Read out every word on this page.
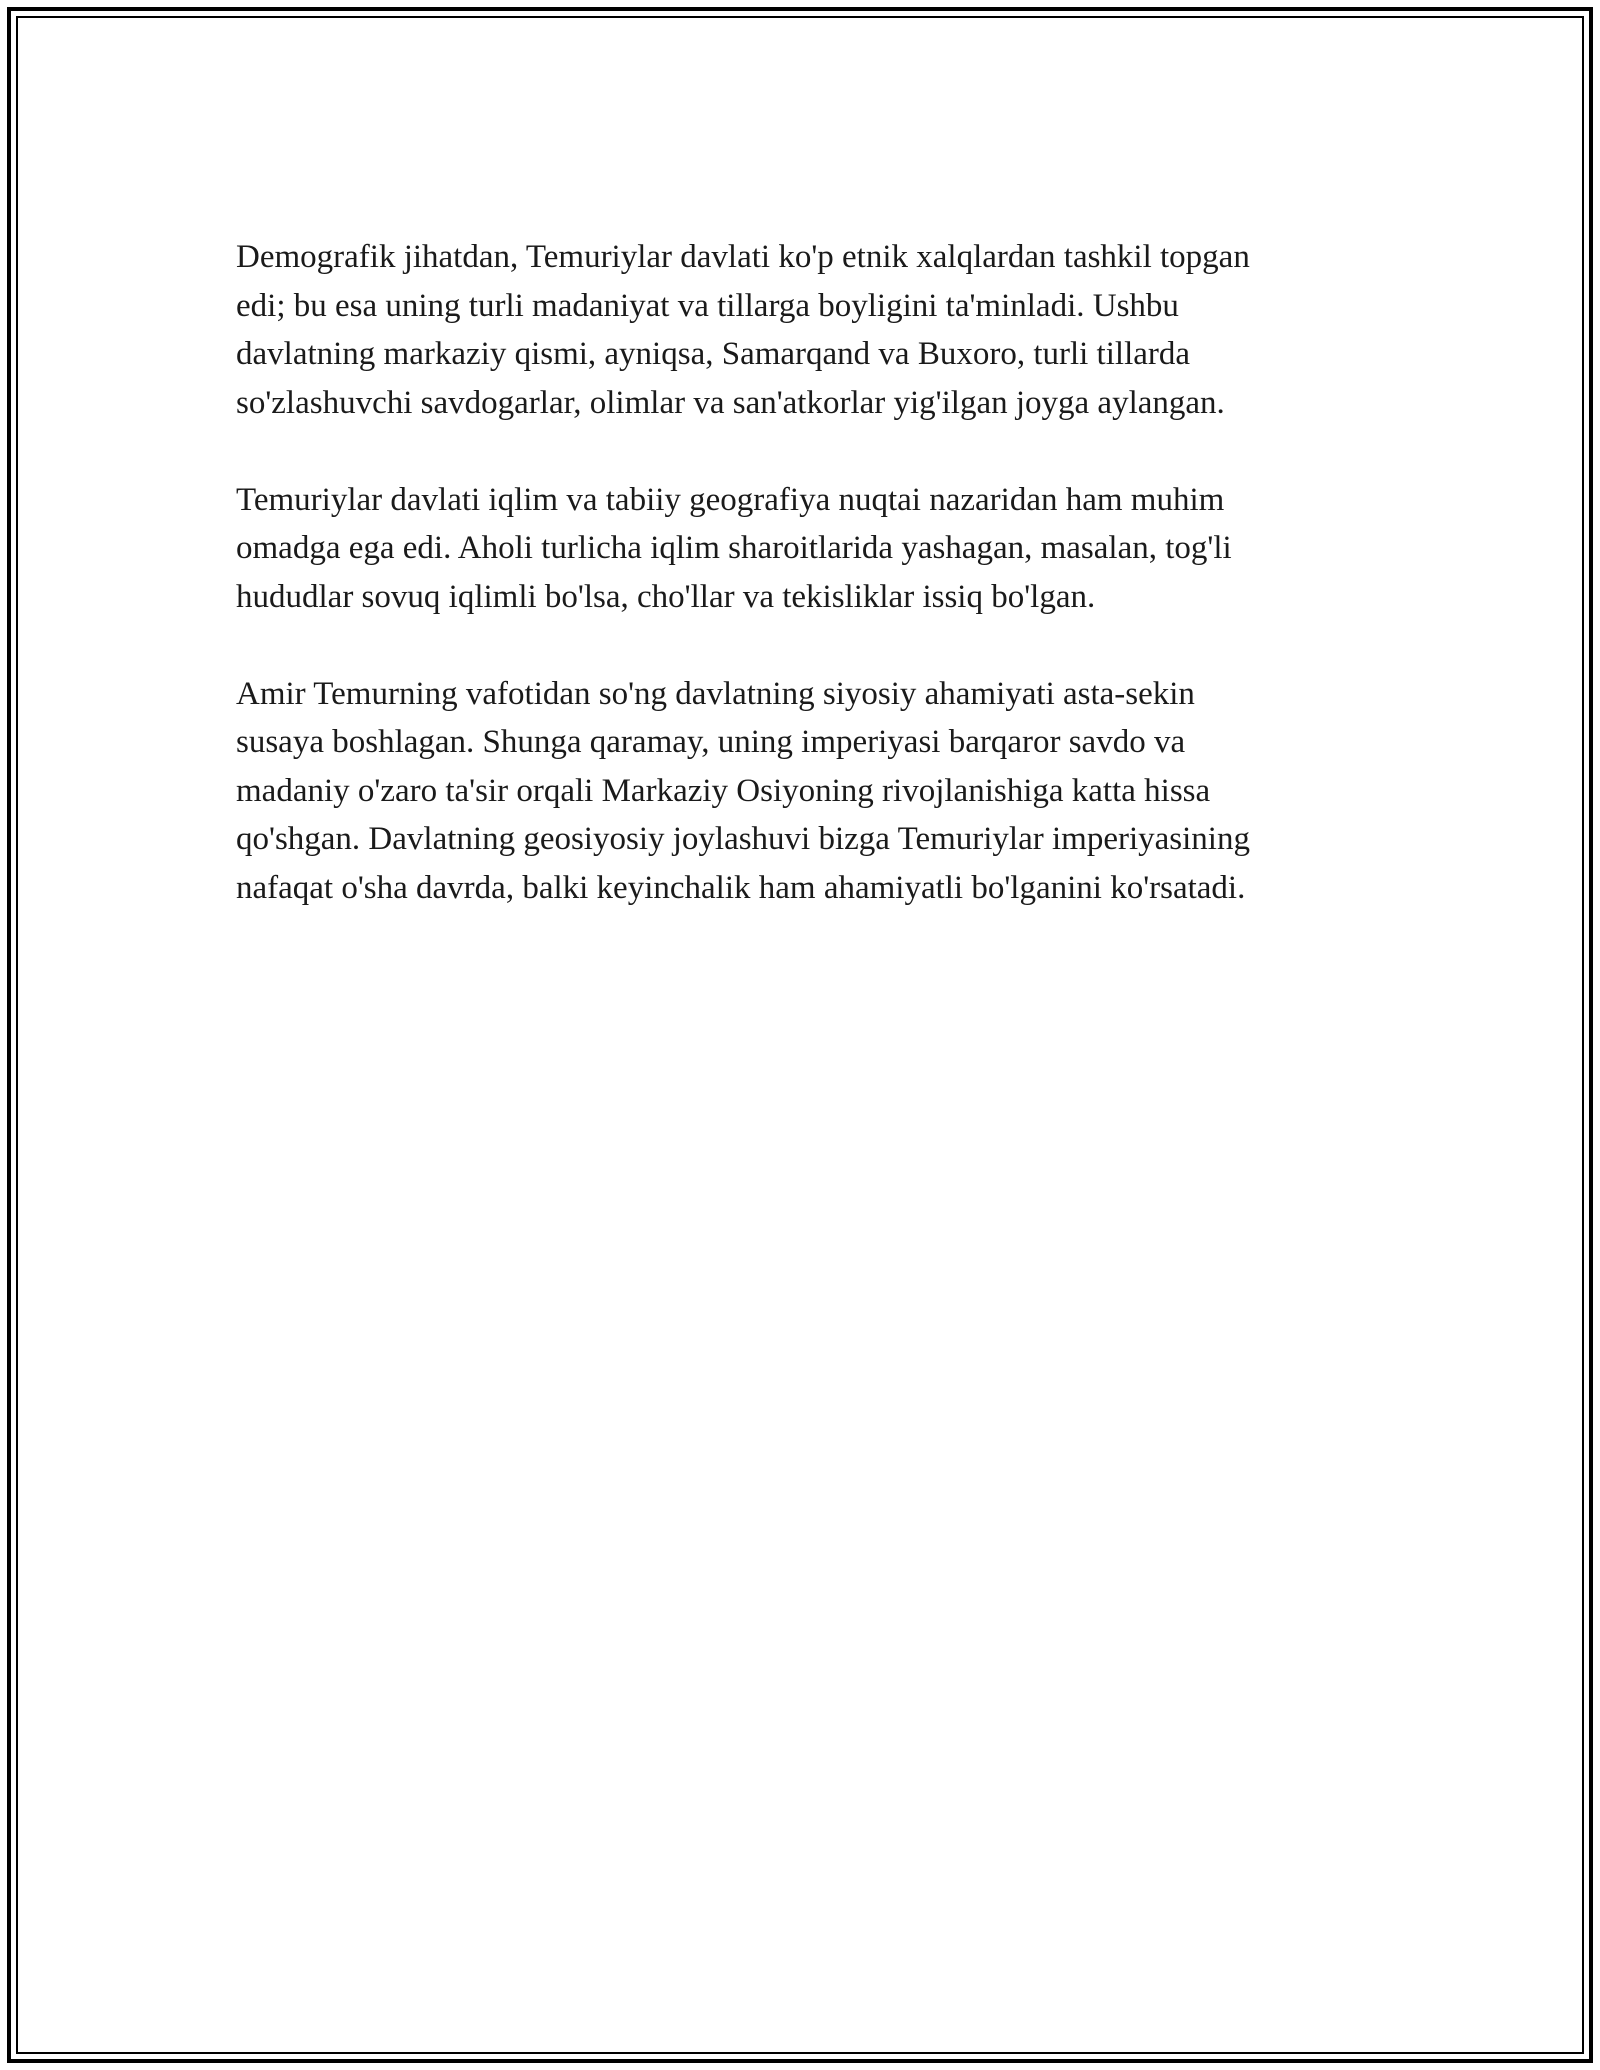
Demografik jihatdan, Temuriylar davlati ko'p etnik xalqlardan tashkil topgan
edi; bu esa uning turli madaniyat va tillarga boyligini ta'minladi. Ushbu
davlatning markaziy qismi, ayniqsa, Samarqand va Buxoro, turli tillarda
so'zlashuvchi savdogarlar, olimlar va san'atkorlar yig'ilgan joyga aylangan.

Temuriylar davlati iqlim va tabiiy geografiya nuqtai nazaridan ham muhim
omadga ega edi. Aholi turlicha iqlim sharoitlarida yashagan, masalan, tog'li
hududlar sovuq iqlimli bo'lsa, cho'llar va tekisliklar issiq bo'lgan.

Amir Temurning vafotidan so'ng davlatning siyosiy ahamiyati asta-sekin
susaya boshlagan. Shunga qaramay, uning imperiyasi barqaror savdo va
madaniy o'zaro ta'sir orqali Markaziy Osiyoning rivojlanishiga katta hissa
qo'shgan. Davlatning geosiyosiy joylashuvi bizga Temuriylar imperiyasining
nafaqat o'sha davrda, balki keyinchalik ham ahamiyatli bo'lganini ko'rsatadi.
